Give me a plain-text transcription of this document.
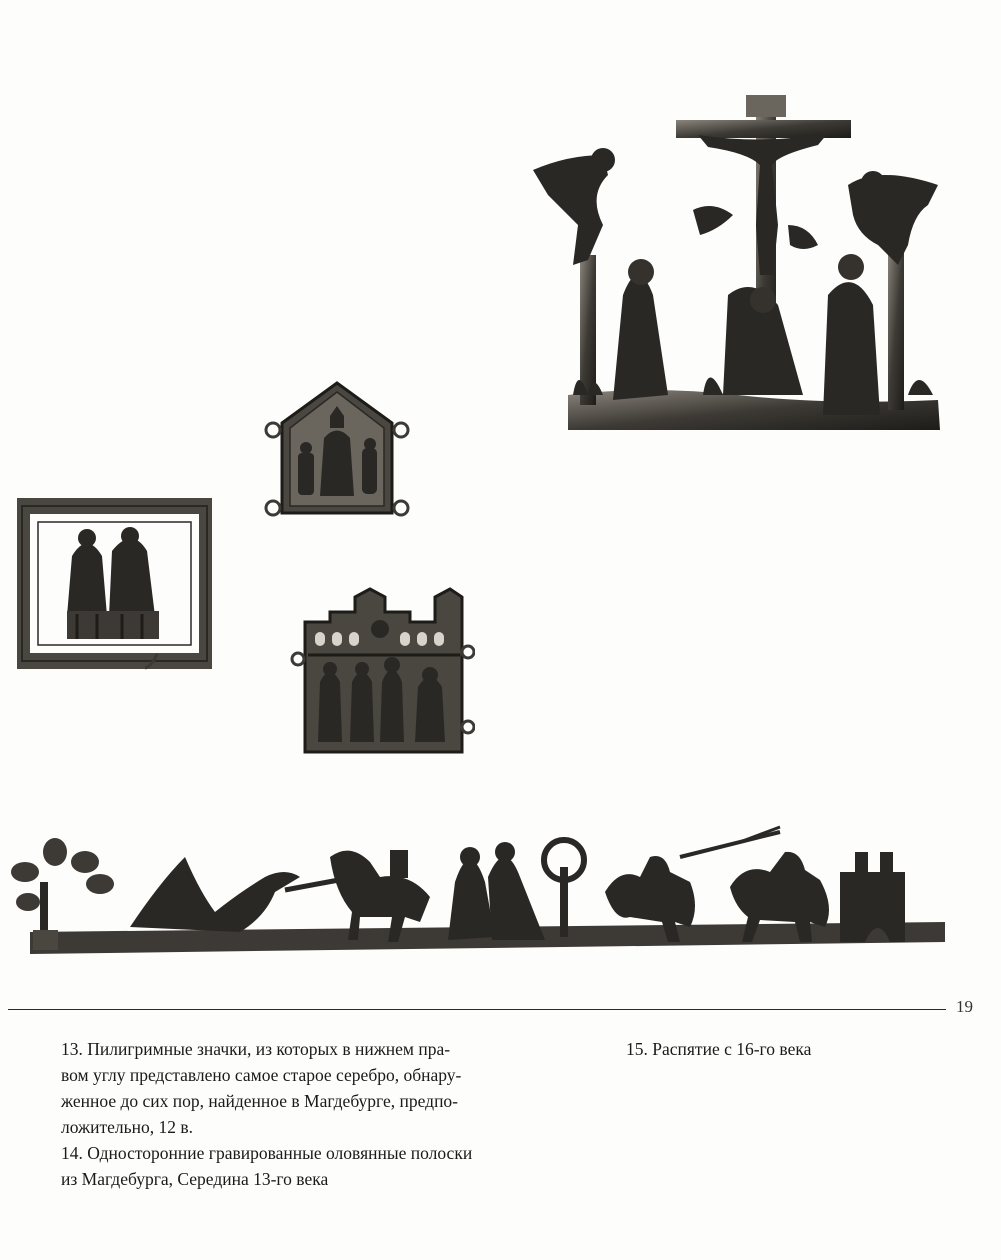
19
13. Пилигримные значки, из которых в нижнем пра-
вом углу представлено самое старое серебро, обнару-
женное до сих пор, найденное в Магдебурге, предпо-
ложительно, 12 в.
14. Односторонние гравированные оловянные полоски
из Магдебурга, Середина 13-го века
15. Распятие с 16-го века
